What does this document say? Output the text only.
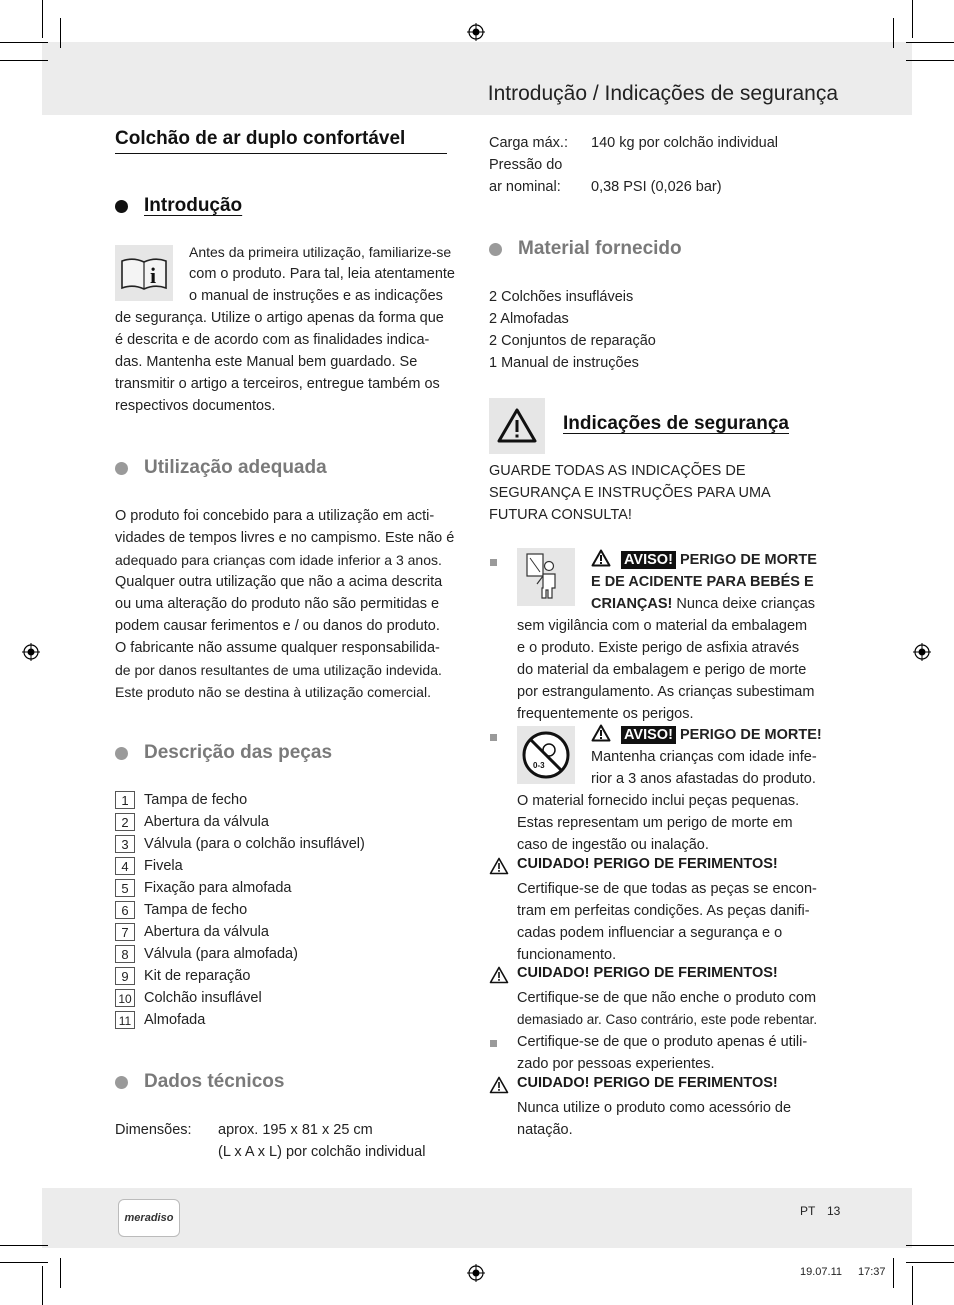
Introdução / Indicações de segurança
Colchão de ar duplo confortável
Introdução
i

Antes da primeira utilização, familiarize-se

com o produto. Para tal, leia atentamente

o manual de instruções e as indicações

de segurança. Utilize o artigo apenas da forma que

é descrita e de acordo com as finalidades indica-

das. Mantenha este Manual bem guardado. Se

transmitir o artigo a terceiros, entregue também os

respectivos documentos.

Utilização adequada

O produto foi concebido para a utilização em acti-

vidades de tempos livres e no campismo. Este não é

adequado para crianças com idade inferior a 3 anos.

Qualquer outra utilização que não a acima descrita

ou uma alteração do produto não são permitidas e

podem causar ferimentos e / ou danos do produto.

O fabricante não assume qualquer responsabilida-

de por danos resultantes de uma utilização indevida.

Este produto não se destina à utilização comercial.

Descrição das peças
1	Tampa de fecho
2	Abertura da válvula
3	Válvula (para o colchão insuflável)
4	Fivela
5	Fixação para almofada
6	Tampa de fecho
7	Abertura da válvula
8	Válvula (para almofada)
9	Kit de reparação
10 Colchão insuflável
11 Almofada
Dados técnicos
Dimensões: aprox. 195 x 81 x 25 cm
(L x A x L) por colchão individual
Carga máx.: 140 kg por colchão individual
Pressão do
ar nominal: 0,38 PSI (0,026 bar)
Material fornecido

2 Colchões insufláveis

2 Almofadas

2 Conjuntos de reparação

1 Manual de instruções

Indicações de segurança

GUARDE TODAS AS INDICAÇÕES DE

SEGURANÇA E INSTRUÇÕES PARA UMA

FUTURA CONSULTA!

AVISO! PERIGO DE MORTE
E DE ACIDENTE PARA BEBÉS E
CRIANÇAS! Nunca deixe crianças

sem vigilância com o material da embalagem

e o produto. Existe perigo de asfixia através

do material da embalagem e perigo de morte

por estrangulamento. As crianças subestimam

frequentemente os perigos.

0-3
AVISO! PERIGO DE MORTE!

Mantenha crianças com idade infe-

rior a 3 anos afastadas do produto.

O material fornecido inclui peças pequenas.

Estas representam um perigo de morte em

caso de ingestão ou inalação.

CUIDADO! PERIGO DE FERIMENTOS!

Certifique-se de que todas as peças se encon-

tram em perfeitas condições. As peças danifi-

cadas podem influenciar a segurança e o

funcionamento.

CUIDADO! PERIGO DE FERIMENTOS!

Certifique-se de que não enche o produto com

demasiado ar. Caso contrário, este pode rebentar.

Certifique-se de que o produto apenas é utili-

zado por pessoas experientes.

CUIDADO! PERIGO DE FERIMENTOS!

Nunca utilize o produto como acessório de

natação.

meradiso	PT 13
19.07.11 17:37
